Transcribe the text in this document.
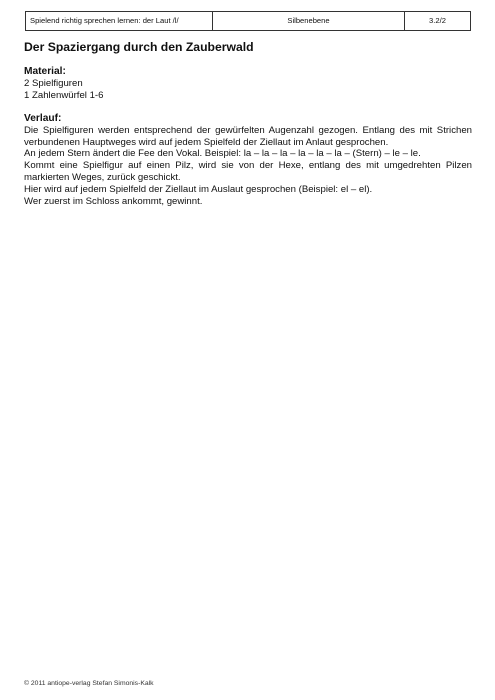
Spielend richtig sprechen lernen: der Laut /l/	Silbenebene	3.2/2
Der Spaziergang durch den Zauberwald
Material:
2 Spielfiguren
1 Zahlenwürfel 1-6
Verlauf:

Die Spielfiguren werden entsprechend der gewürfelten Augenzahl gezogen. Entlang des mit Strichen verbundenen Hauptweges wird auf jedem Spielfeld der Ziellaut im Anlaut gesprochen.

An jedem Stern ändert die Fee den Vokal. Beispiel: la – la – la – la – la – la – (Stern) – le – le.

Kommt eine Spielfigur auf einen Pilz, wird sie von der Hexe, entlang des mit umgedrehten Pilzen markierten Weges, zurück geschickt.

Hier wird auf jedem Spielfeld der Ziellaut im Auslaut gesprochen (Beispiel: el – el).

Wer zuerst im Schloss ankommt, gewinnt.

© 2011 antiope-verlag Stefan Simonis-Kalk
